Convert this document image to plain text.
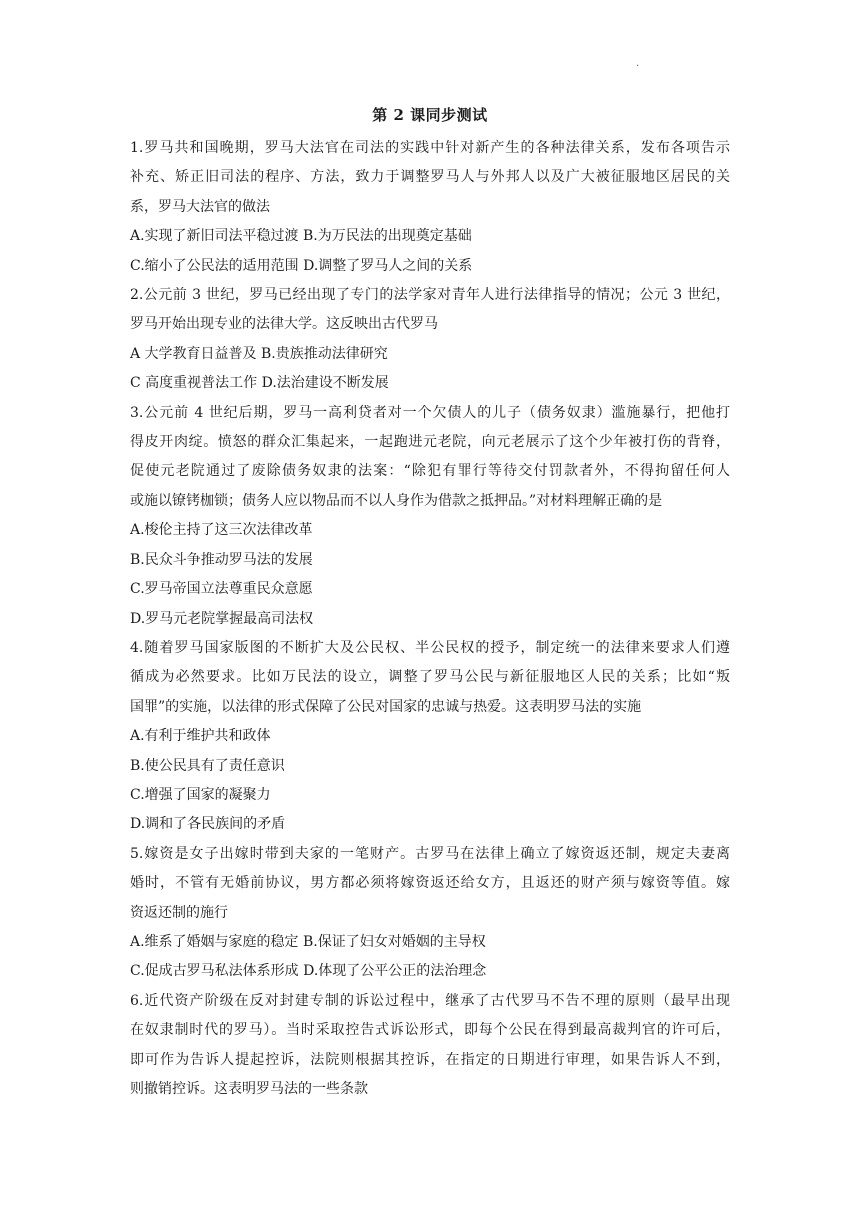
.
第 2 课同步测试
1.罗马共和国晚期，罗马大法官在司法的实践中针对新产生的各种法律关系，发布各项告示
补充、矫正旧司法的程序、方法，致力于调整罗马人与外邦人以及广大被征服地区居民的关
系，罗马大法官的做法
A.实现了新旧司法平稳过渡 B.为万民法的出现奠定基础
C.缩小了公民法的适用范围 D.调整了罗马人之间的关系
2.公元前 3 世纪，罗马已经出现了专门的法学家对青年人进行法律指导的情况；公元 3 世纪，
罗马开始出现专业的法律大学。这反映出古代罗马
A 大学教育日益普及 B.贵族推动法律研究
C 高度重视普法工作 D.法治建设不断发展
3.公元前 4 世纪后期，罗马一高利贷者对一个欠债人的儿子（债务奴隶）滥施暴行，把他打
得皮开肉绽。愤怒的群众汇集起来，一起跑进元老院，向元老展示了这个少年被打伤的背脊，
促使元老院通过了废除债务奴隶的法案：“除犯有罪行等待交付罚款者外，不得拘留任何人
或施以镣铐枷锁；债务人应以物品而不以人身作为借款之抵押品。”对材料理解正确的是
A.梭伦主持了这三次法律改革
B.民众斗争推动罗马法的发展
C.罗马帝国立法尊重民众意愿
D.罗马元老院掌握最高司法权
4.随着罗马国家版图的不断扩大及公民权、半公民权的授予，制定统一的法律来要求人们遵
循成为必然要求。比如万民法的设立，调整了罗马公民与新征服地区人民的关系；比如“叛
国罪”的实施，以法律的形式保障了公民对国家的忠诚与热爱。这表明罗马法的实施
A.有利于维护共和政体
B.使公民具有了责任意识
C.增强了国家的凝聚力
D.调和了各民族间的矛盾
5.嫁资是女子出嫁时带到夫家的一笔财产。古罗马在法律上确立了嫁资返还制，规定夫妻离
婚时，不管有无婚前协议，男方都必须将嫁资返还给女方，且返还的财产须与嫁资等值。嫁
资返还制的施行
A.维系了婚姻与家庭的稳定 B.保证了妇女对婚姻的主导权
C.促成古罗马私法体系形成 D.体现了公平公正的法治理念
6.近代资产阶级在反对封建专制的诉讼过程中，继承了古代罗马不告不理的原则（最早出现
在奴隶制时代的罗马）。当时采取控告式诉讼形式，即每个公民在得到最高裁判官的许可后，
即可作为告诉人提起控诉，法院则根据其控诉，在指定的日期进行审理，如果告诉人不到，
则撤销控诉。这表明罗马法的一些条款
